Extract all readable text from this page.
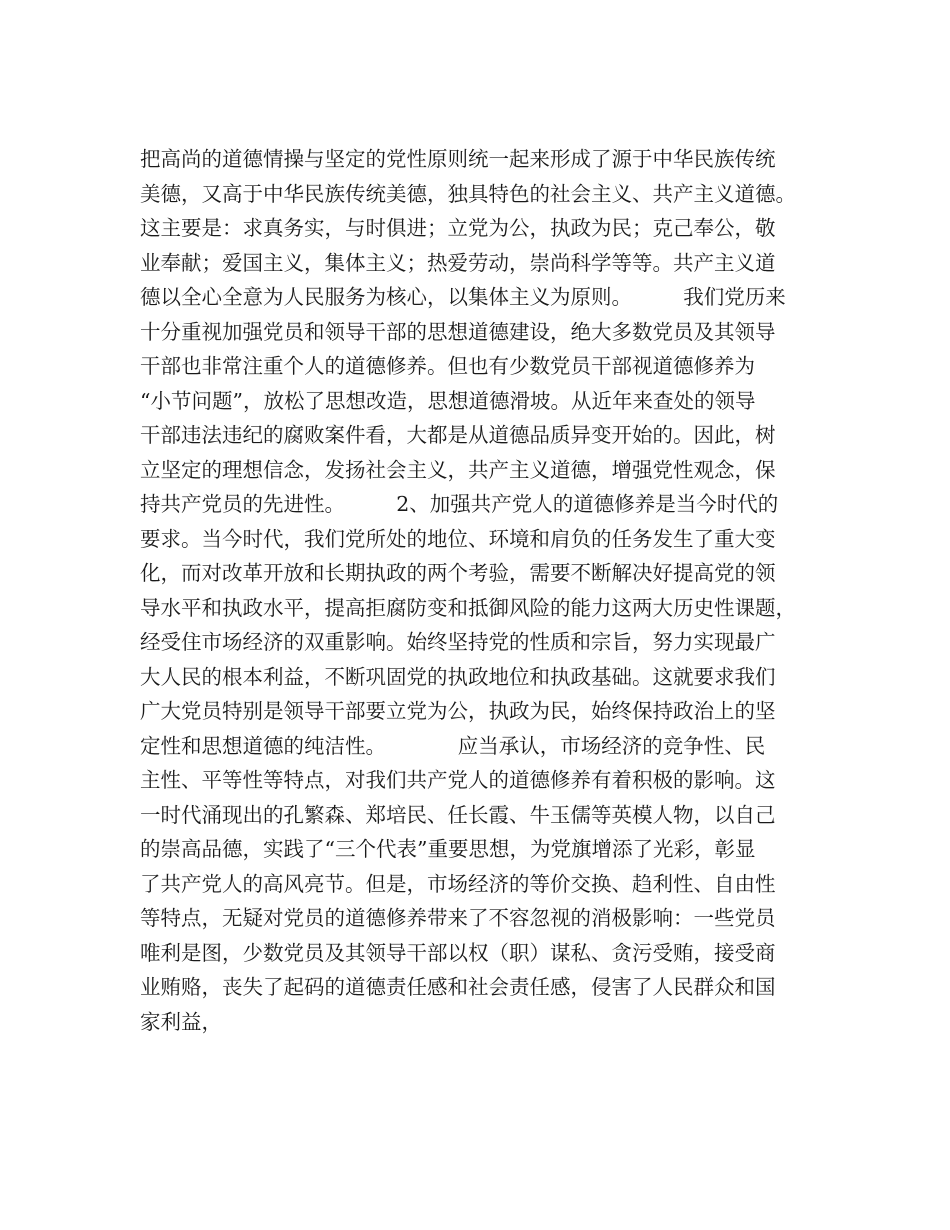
把高尚的道德情操与坚定的党性原则统一起来形成了源于中华民族传统
美德，又高于中华民族传统美德，独具特色的社会主义、共产主义道德。
这主要是：求真务实，与时俱进；立党为公，执政为民；克己奉公，敬
业奉献；爱国主义，集体主义；热爱劳动，崇尚科学等等。共产主义道
德以全心全意为人民服务为核心，以集体主义为原则。　　　我们党历来
十分重视加强党员和领导干部的思想道德建设，绝大多数党员及其领导
干部也非常注重个人的道德修养。但也有少数党员干部视道德修养为
“小节问题”，放松了思想改造，思想道德滑坡。从近年来查处的领导
干部违法违纪的腐败案件看，大都是从道德品质异变开始的。因此，树
立坚定的理想信念，发扬社会主义，共产主义道德，增强党性观念，保
持共产党员的先进性。　　　2、加强共产党人的道德修养是当今时代的
要求。当今时代，我们党所处的地位、环境和肩负的任务发生了重大变
化，而对改革开放和长期执政的两个考验，需要不断解决好提高党的领
导水平和执政水平，提高拒腐防变和抵御风险的能力这两大历史性课题，
经受住市场经济的双重影响。始终坚持党的性质和宗旨，努力实现最广
大人民的根本利益，不断巩固党的执政地位和执政基础。这就要求我们
广大党员特别是领导干部要立党为公，执政为民，始终保持政治上的坚
定性和思想道德的纯洁性。　　　　应当承认，市场经济的竞争性、民
主性、平等性等特点，对我们共产党人的道德修养有着积极的影响。这
一时代涌现出的孔繁森、郑培民、任长霞、牛玉儒等英模人物，以自己
的崇高品德，实践了“三个代表”重要思想，为党旗增添了光彩，彰显
了共产党人的高风亮节。但是，市场经济的等价交换、趋利性、自由性
等特点，无疑对党员的道德修养带来了不容忽视的消极影响：一些党员
唯利是图，少数党员及其领导干部以权（职）谋私、贪污受贿，接受商
业贿赂，丧失了起码的道德责任感和社会责任感，侵害了人民群众和国
家利益，
